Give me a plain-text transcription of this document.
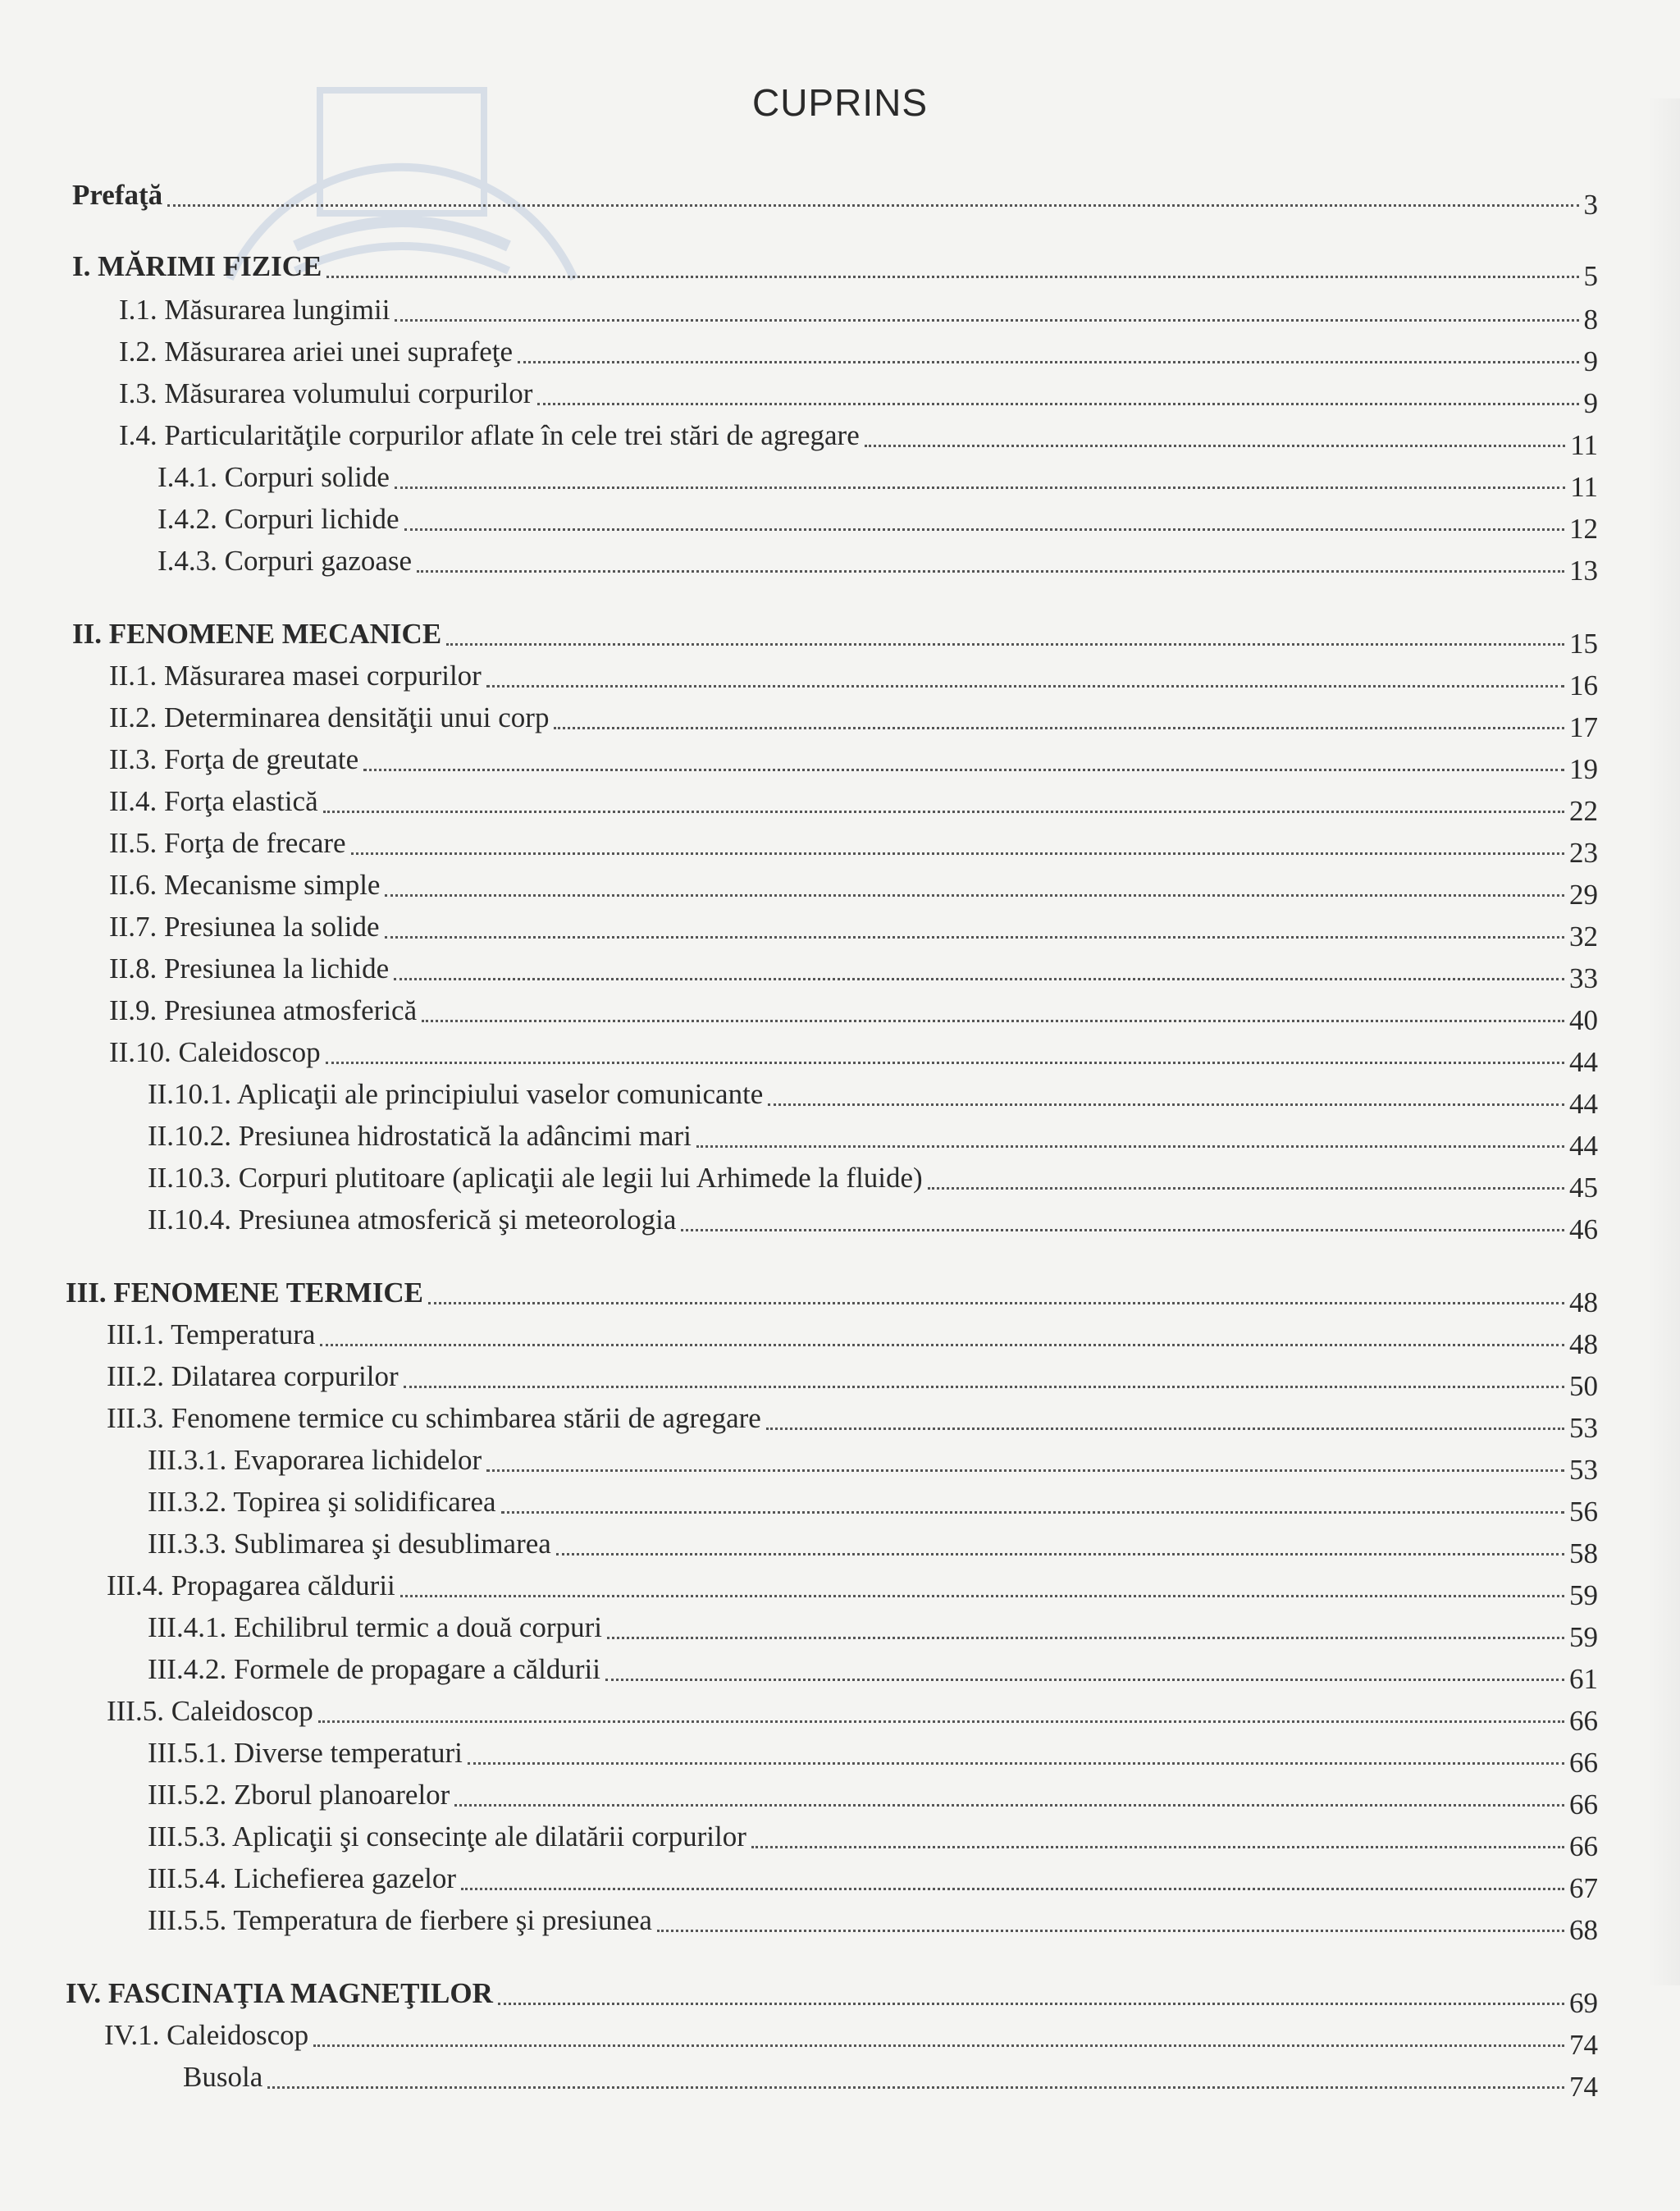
CUPRINS
Prefaţă	3
I. MĂRIMI FIZICE	5
I.1. Măsurarea lungimii	8
I.2. Măsurarea ariei unei suprafeţe	9
I.3. Măsurarea volumului corpurilor	9
I.4. Particularităţile corpurilor aflate în cele trei stări de agregare	11
I.4.1. Corpuri solide	11
I.4.2. Corpuri lichide	12
I.4.3. Corpuri gazoase	13
II. FENOMENE MECANICE	15
II.1. Măsurarea masei corpurilor	16
II.2. Determinarea densităţii unui corp	17
II.3. Forţa de greutate	19
II.4. Forţa elastică	22
II.5. Forţa de frecare	23
II.6. Mecanisme simple	29
II.7. Presiunea la solide	32
II.8. Presiunea la lichide	33
II.9. Presiunea atmosferică	40
II.10. Caleidoscop	44
II.10.1. Aplicaţii ale principiului vaselor comunicante	44
II.10.2. Presiunea hidrostatică la adâncimi mari	44
II.10.3. Corpuri plutitoare (aplicaţii ale legii lui Arhimede la fluide)	45
II.10.4. Presiunea atmosferică şi meteorologia	46
III. FENOMENE TERMICE	48
III.1. Temperatura	48
III.2. Dilatarea corpurilor	50
III.3. Fenomene termice cu schimbarea stării de agregare	53
III.3.1. Evaporarea lichidelor	53
III.3.2. Topirea şi solidificarea	56
III.3.3. Sublimarea şi desublimarea	58
III.4. Propagarea căldurii	59
III.4.1. Echilibrul termic a două corpuri	59
III.4.2. Formele de propagare a căldurii	61
III.5. Caleidoscop	66
III.5.1. Diverse temperaturi	66
III.5.2. Zborul planoarelor	66
III.5.3. Aplicaţii şi consecinţe ale dilatării corpurilor	66
III.5.4. Lichefierea gazelor	67
III.5.5. Temperatura de fierbere şi presiunea	68
IV. FASCINAŢIA MAGNEŢILOR	69
IV.1. Caleidoscop	74
Busola	74
